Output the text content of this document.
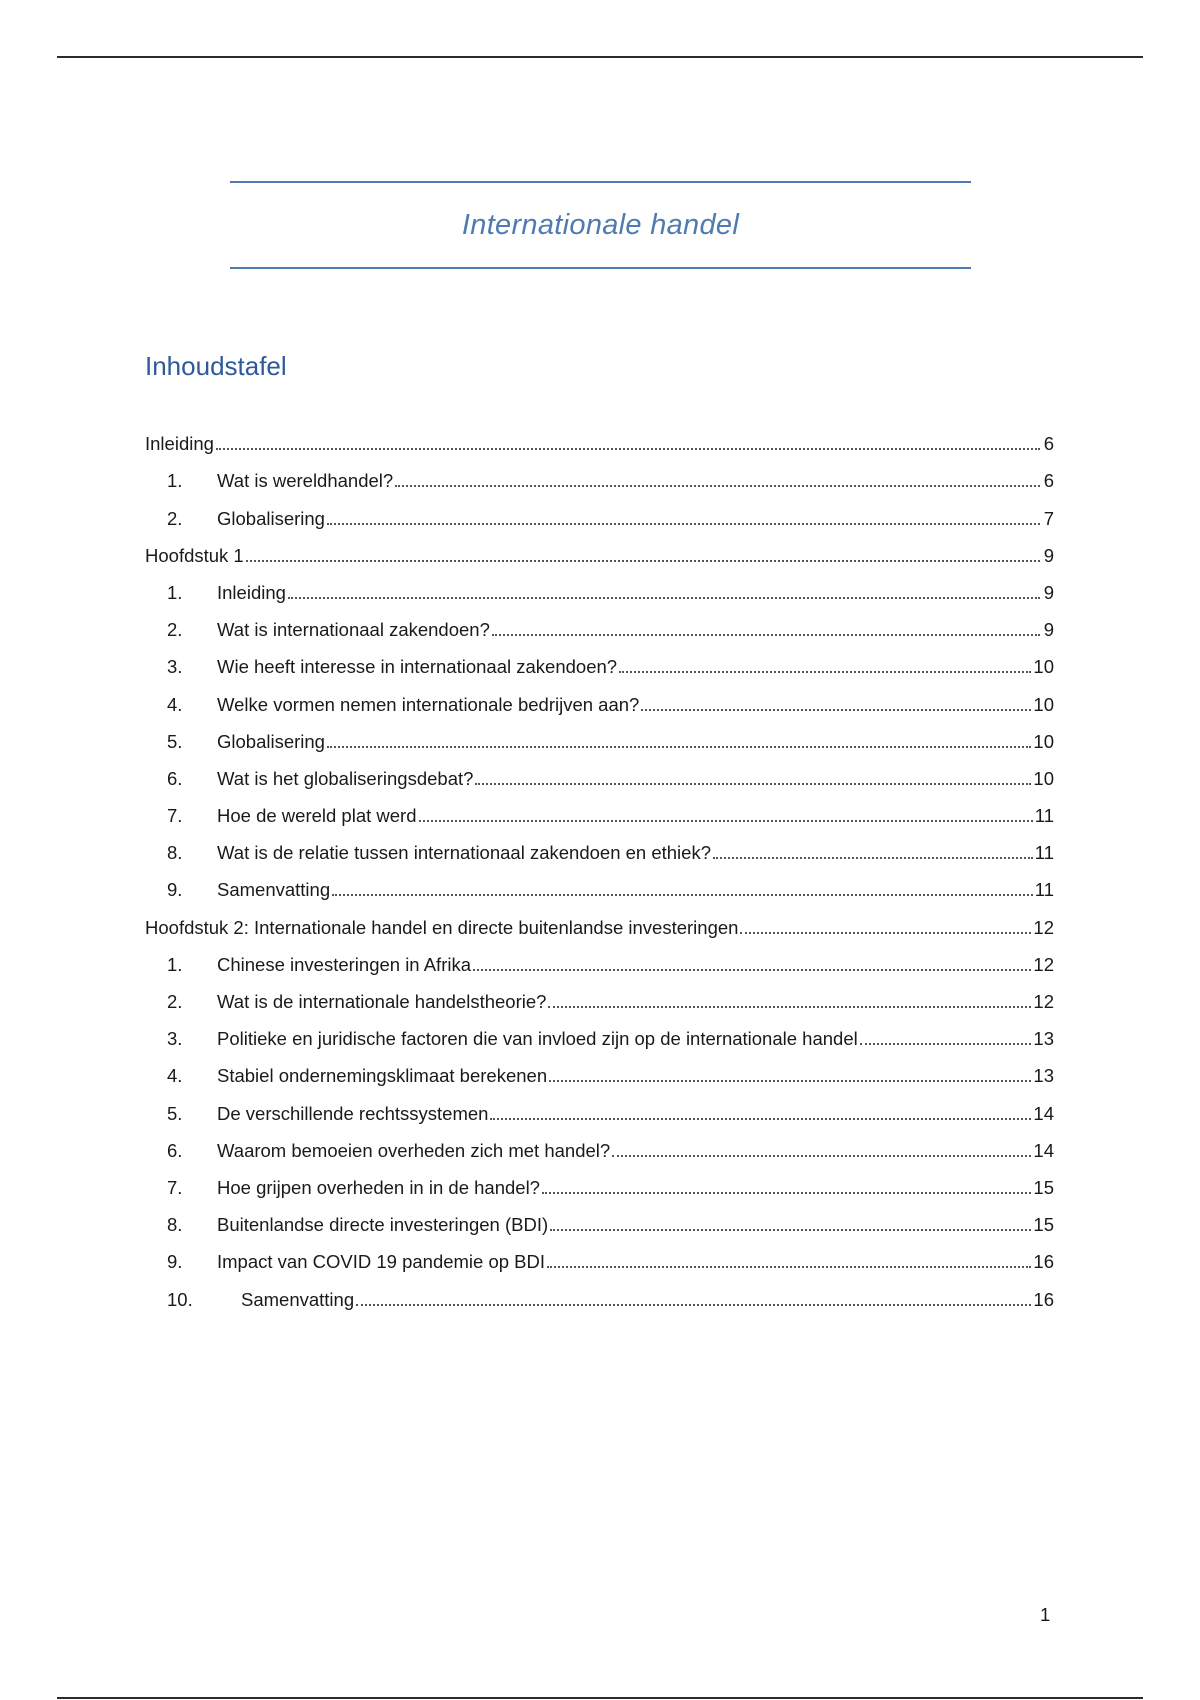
Internationale handel
Inhoudstafel
Inleiding	6
1. Wat is wereldhandel?	6
2. Globalisering	7
Hoofdstuk 1	9
1. Inleiding	9
2. Wat is internationaal zakendoen?	9
3. Wie heeft interesse in internationaal zakendoen?	10
4. Welke vormen nemen internationale bedrijven aan?	10
5. Globalisering	10
6. Wat is het globaliseringsdebat?	10
7. Hoe de wereld plat werd	11
8. Wat is de relatie tussen internationaal zakendoen en ethiek?	11
9. Samenvatting	11
Hoofdstuk 2: Internationale handel en directe buitenlandse investeringen	12
1. Chinese investeringen in Afrika	12
2. Wat is de internationale handelstheorie?	12
3. Politieke en juridische factoren die van invloed zijn op de internationale handel	13
4. Stabiel ondernemingsklimaat berekenen	13
5. De verschillende rechtssystemen	14
6. Waarom bemoeien overheden zich met handel?	14
7. Hoe grijpen overheden in in de handel?	15
8. Buitenlandse directe investeringen (BDI)	15
9. Impact van COVID 19 pandemie op BDI	16
10.	Samenvatting	16
1
